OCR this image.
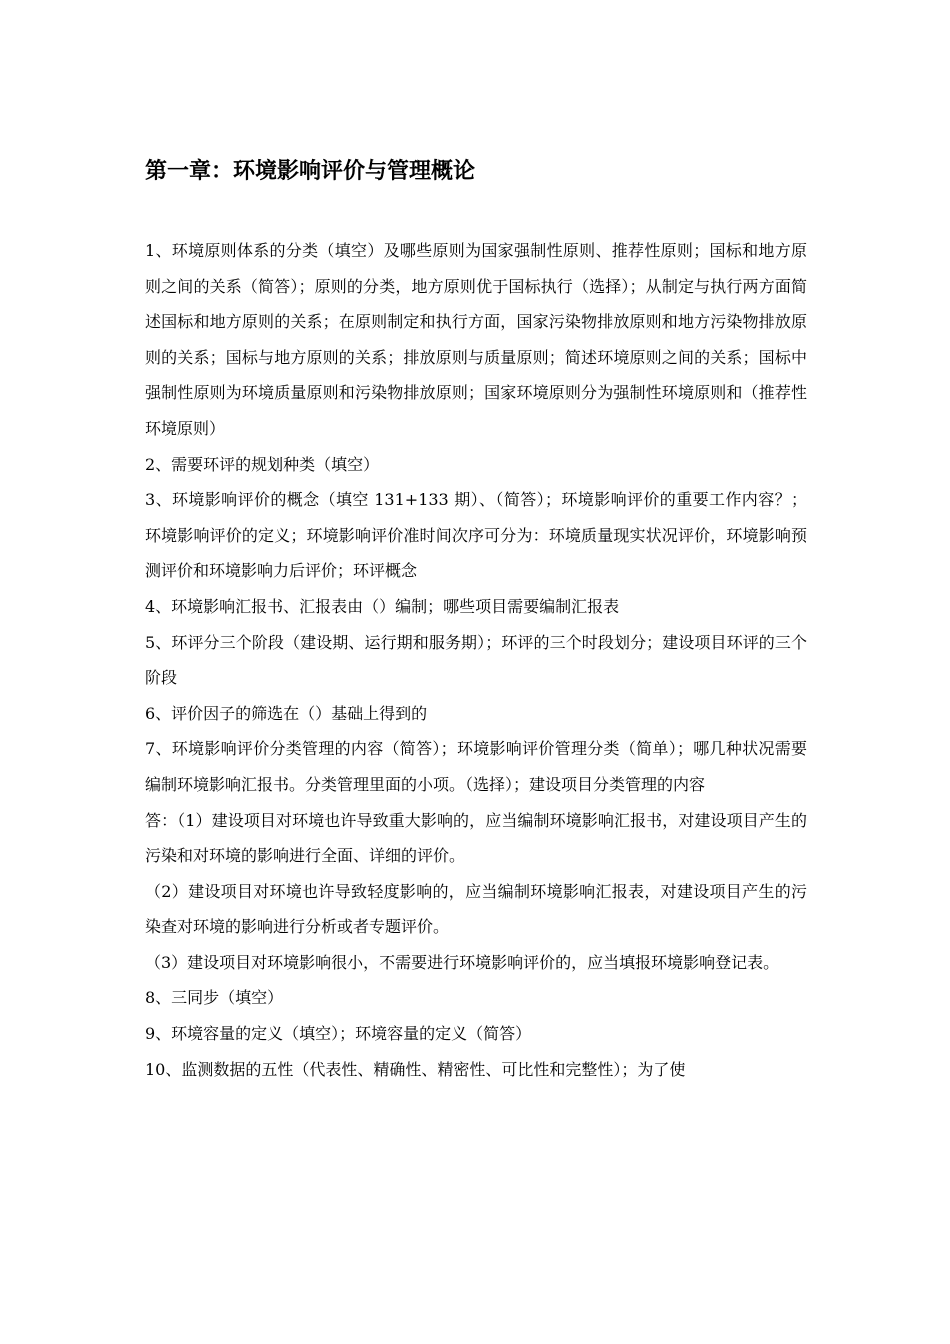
第一章：环境影响评价与管理概论

1、环境原则体系的分类（填空）及哪些原则为国家强制性原则、推荐性原则；国标和地方原则之间的关系（简答）；原则的分类，地方原则优于国标执行（选择）；从制定与执行两方面简述国标和地方原则的关系；在原则制定和执行方面，国家污染物排放原则和地方污染物排放原则的关系；国标与地方原则的关系；排放原则与质量原则；简述环境原则之间的关系；国标中强制性原则为环境质量原则和污染物排放原则；国家环境原则分为强制性环境原则和（推荐性环境原则）

2、需要环评的规划种类（填空）

3、环境影响评价的概念（填空 131+133 期）、（简答）；环境影响评价的重要工作内容？；环境影响评价的定义；环境影响评价准时间次序可分为：环境质量现实状况评价，环境影响预测评价和环境影响力后评价；环评概念

4、环境影响汇报书、汇报表由（）编制；哪些项目需要编制汇报表

5、环评分三个阶段（建设期、运行期和服务期）；环评的三个时段划分；建设项目环评的三个阶段

6、评价因子的筛选在（）基础上得到的

7、环境影响评价分类管理的内容（简答）；环境影响评价管理分类（简单）；哪几种状况需要编制环境影响汇报书。分类管理里面的小项。（选择）；建设项目分类管理的内容

答：（1）建设项目对环境也许导致重大影响的，应当编制环境影响汇报书，对建设项目产生的污染和对环境的影响进行全面、详细的评价。

（2）建设项目对环境也许导致轻度影响的，应当编制环境影响汇报表，对建设项目产生的污染查对环境的影响进行分析或者专题评价。

（3）建设项目对环境影响很小，不需要进行环境影响评价的，应当填报环境影响登记表。

8、三同步（填空）

9、环境容量的定义（填空）；环境容量的定义（简答）

10、监测数据的五性（代表性、精确性、精密性、可比性和完整性）；为了使
